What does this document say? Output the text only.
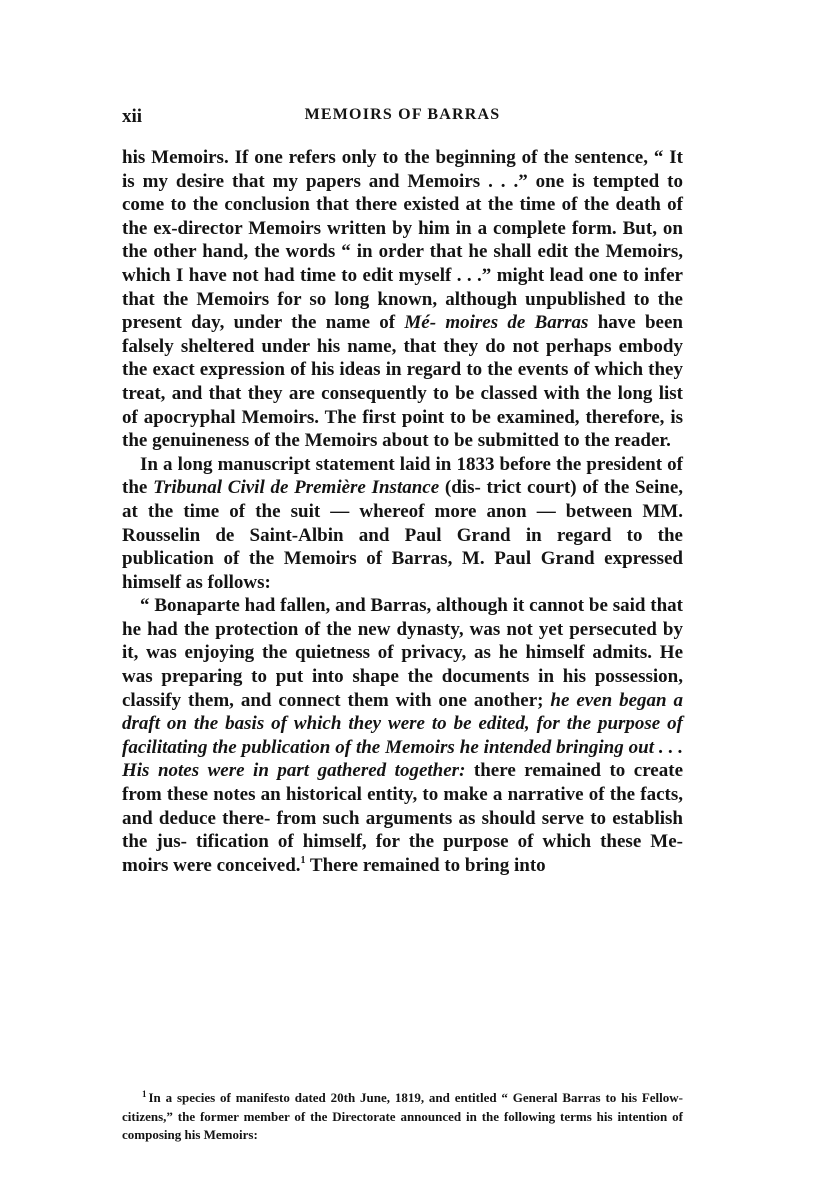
xii	MEMOIRS OF BARRAS

his Memoirs. If one refers only to the beginning of the sentence, “ It is my desire that my papers and Memoirs . . .” one is tempted to come to the conclusion that there existed at the time of the death of the ex-director Memoirs written by him in a complete form. But, on the other hand, the words “ in order that he shall edit the Memoirs, which I have not had time to edit myself . . .” might lead one to infer that the Memoirs for so long known, although unpublished to the present day, under the name of Mé- moires de Barras have been falsely sheltered under his name, that they do not perhaps embody the exact expression of his ideas in regard to the events of which they treat, and that they are consequently to be classed with the long list of apocryphal Memoirs. The first point to be examined, therefore, is the genuineness of the Memoirs about to be submitted to the reader.

In a long manuscript statement laid in 1833 before the president of the Tribunal Civil de Première Instance (dis- trict court) of the Seine, at the time of the suit — whereof more anon — between MM. Rousselin de Saint-Albin and Paul Grand in regard to the publication of the Memoirs of Barras, M. Paul Grand expressed himself as follows:

“ Bonaparte had fallen, and Barras, although it cannot be said that he had the protection of the new dynasty, was not yet persecuted by it, was enjoying the quietness of privacy, as he himself admits. He was preparing to put into shape the documents in his possession, classify them, and connect them with one another; he even began a draft on the basis of which they were to be edited, for the purpose of facilitating the publication of the Memoirs he intended bringing out . . . His notes were in part gathered together: there remained to create from these notes an historical entity, to make a narrative of the facts, and deduce there- from such arguments as should serve to establish the jus- tification of himself, for the purpose of which these Me- moirs were conceived.$^1$ There remained to bring into

$^1$ In a species of manifesto dated 20th June, 1819, and entitled “ General Barras to his Fellow-citizens,” the former member of the Directorate announced in the following terms his intention of composing his Memoirs:
